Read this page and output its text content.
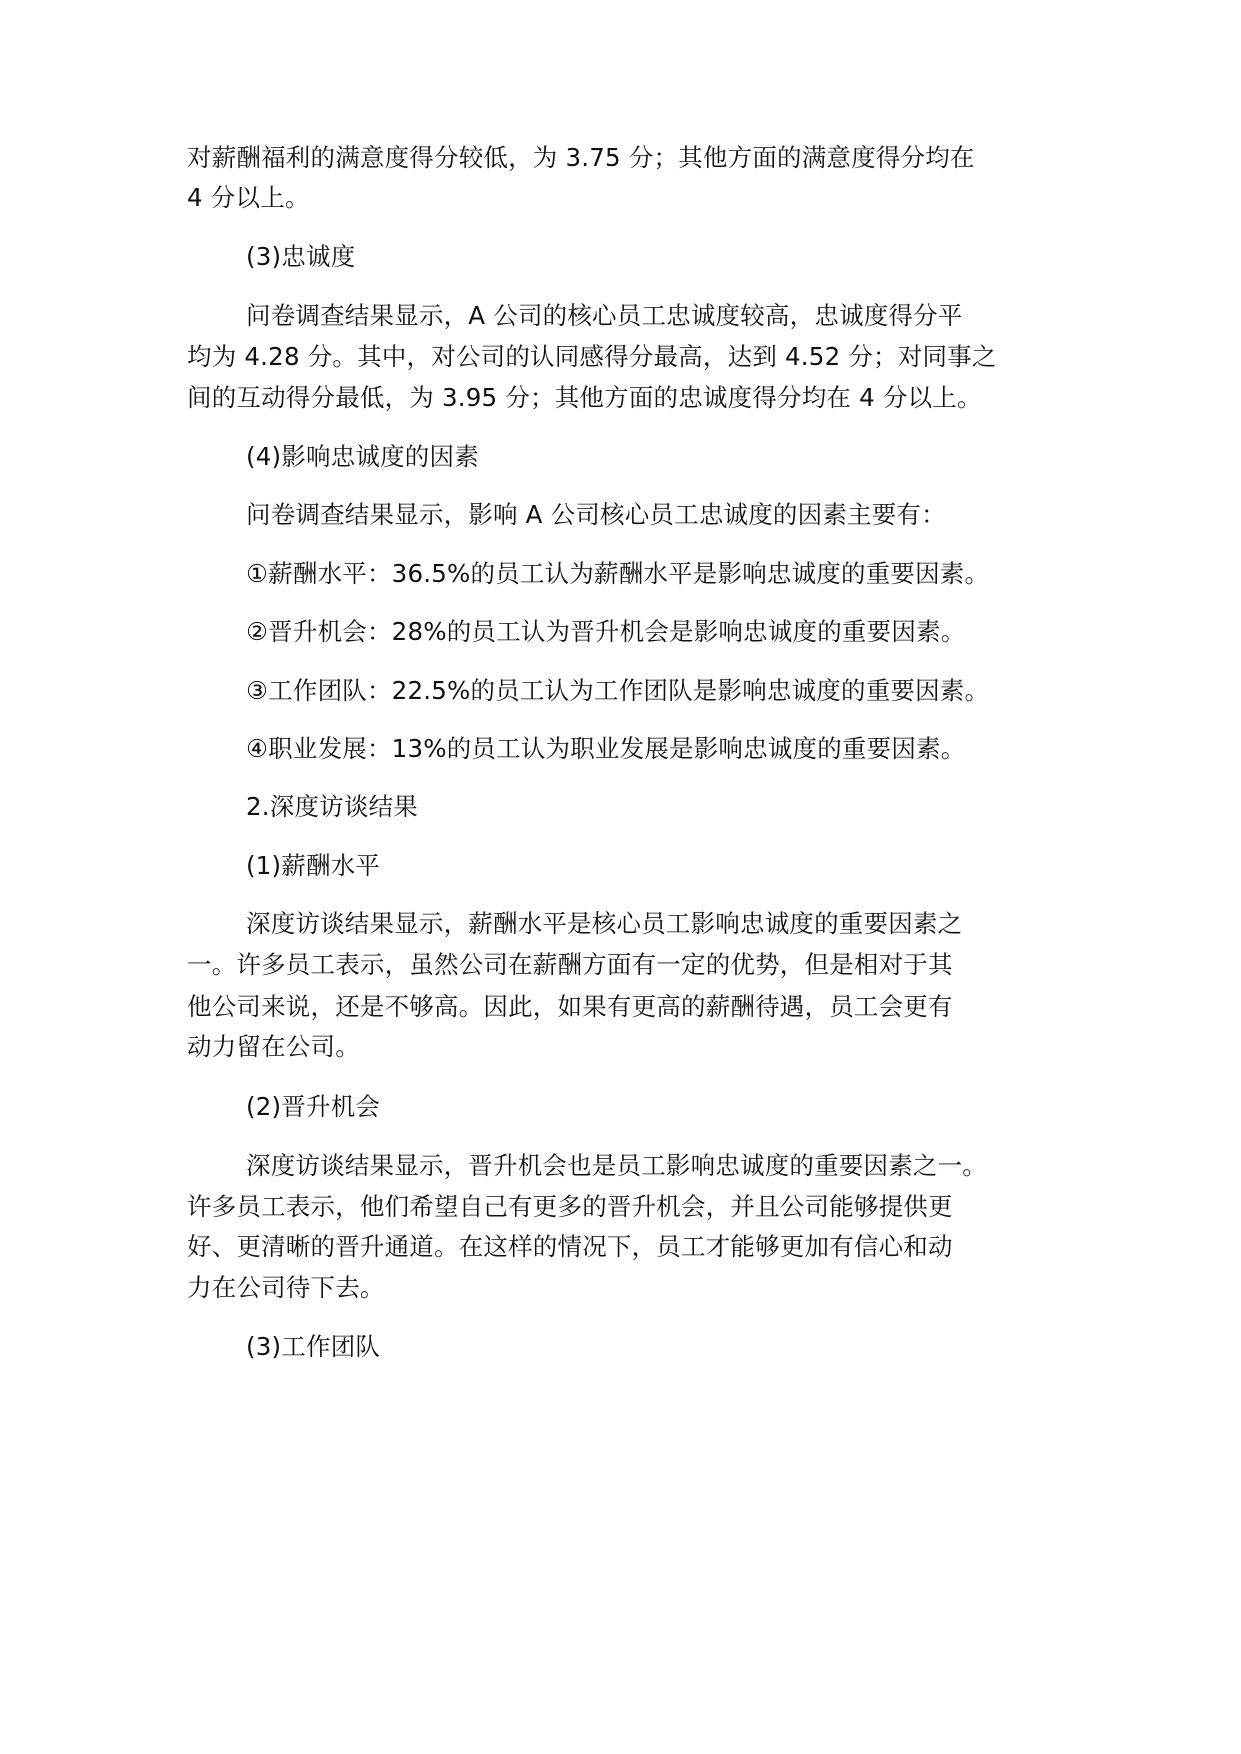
对薪酬福利的满意度得分较低，为 3.75 分；其他方面的满意度得分均在
4 分以上。
(3)忠诚度
问卷调查结果显示，A 公司的核心员工忠诚度较高，忠诚度得分平
均为 4.28 分。其中，对公司的认同感得分最高，达到 4.52 分；对同事之
间的互动得分最低，为 3.95 分；其他方面的忠诚度得分均在 4 分以上。
(4)影响忠诚度的因素
问卷调查结果显示，影响 A 公司核心员工忠诚度的因素主要有：
①薪酬水平：36.5%的员工认为薪酬水平是影响忠诚度的重要因素。
②晋升机会：28%的员工认为晋升机会是影响忠诚度的重要因素。
③工作团队：22.5%的员工认为工作团队是影响忠诚度的重要因素。
④职业发展：13%的员工认为职业发展是影响忠诚度的重要因素。
2.深度访谈结果
(1)薪酬水平
深度访谈结果显示，薪酬水平是核心员工影响忠诚度的重要因素之
一。许多员工表示，虽然公司在薪酬方面有一定的优势，但是相对于其
他公司来说，还是不够高。因此，如果有更高的薪酬待遇，员工会更有
动力留在公司。
(2)晋升机会
深度访谈结果显示，晋升机会也是员工影响忠诚度的重要因素之一。
许多员工表示，他们希望自己有更多的晋升机会，并且公司能够提供更
好、更清晰的晋升通道。在这样的情况下，员工才能够更加有信心和动
力在公司待下去。
(3)工作团队
